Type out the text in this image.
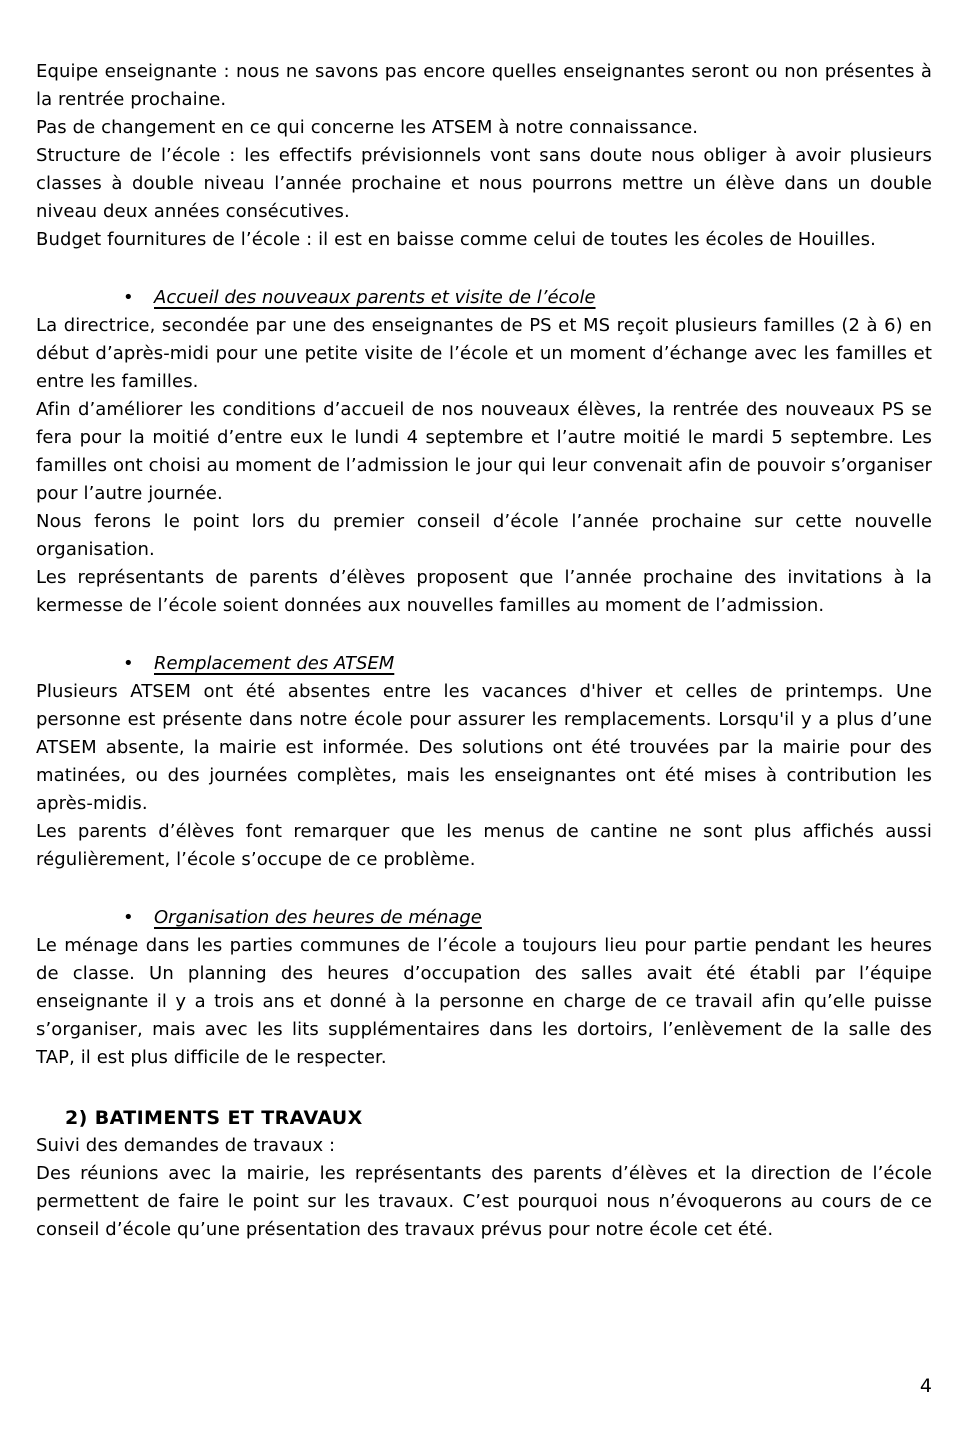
Equipe enseignante : nous ne savons pas encore quelles enseignantes seront ou non présentes à la rentrée prochaine.

Pas de changement en ce qui concerne les ATSEM à notre connaissance.

Structure de l’école : les effectifs prévisionnels vont sans doute nous obliger à avoir plusieurs classes à double niveau l’année prochaine et nous pourrons mettre un élève dans un double niveau deux années consécutives.

Budget fournitures de l’école : il est en baisse comme celui de toutes les écoles de Houilles.

• Accueil des nouveaux parents et visite de l’école

La directrice, secondée par une des enseignantes de PS et MS reçoit plusieurs familles (2 à 6) en début d’après-midi pour une petite visite de l’école et un moment d’échange avec les familles et entre les familles.

Afin d’améliorer les conditions d’accueil de nos nouveaux élèves, la rentrée des nouveaux PS se fera pour la moitié d’entre eux le lundi 4 septembre et l’autre moitié le mardi 5 septembre. Les familles ont choisi au moment de l’admission le jour qui leur convenait afin de pouvoir s’organiser pour l’autre journée.

Nous ferons le point lors du premier conseil d’école l’année prochaine sur cette nouvelle organisation.

Les représentants de parents d’élèves proposent que l’année prochaine des invitations à la kermesse de l’école soient données aux nouvelles familles au moment de l’admission.

• Remplacement des ATSEM

Plusieurs ATSEM ont été absentes entre les vacances d'hiver et celles de printemps. Une personne est présente dans notre école pour assurer les remplacements. Lorsqu'il y a plus d’une ATSEM absente, la mairie est informée. Des solutions ont été trouvées par la mairie pour des matinées, ou des journées complètes, mais les enseignantes ont été mises à contribution les après-midis.

Les parents d’élèves font remarquer que les menus de cantine ne sont plus affichés aussi régulièrement, l’école s’occupe de ce problème.

• Organisation des heures de ménage

Le ménage dans les parties communes de l’école a toujours lieu pour partie pendant les heures de classe. Un planning des heures d’occupation des salles avait été établi par l’équipe enseignante il y a trois ans et donné à la personne en charge de ce travail afin qu’elle puisse s’organiser, mais avec les lits supplémentaires dans les dortoirs, l’enlèvement de la salle des TAP, il est plus difficile de le respecter.

2) BATIMENTS ET TRAVAUX

Suivi des demandes de travaux :

Des réunions avec la mairie, les représentants des parents d’élèves et la direction de l’école permettent de faire le point sur les travaux. C’est pourquoi nous n’évoquerons au cours de ce conseil d’école qu’une présentation des travaux prévus pour notre école cet été.

4
